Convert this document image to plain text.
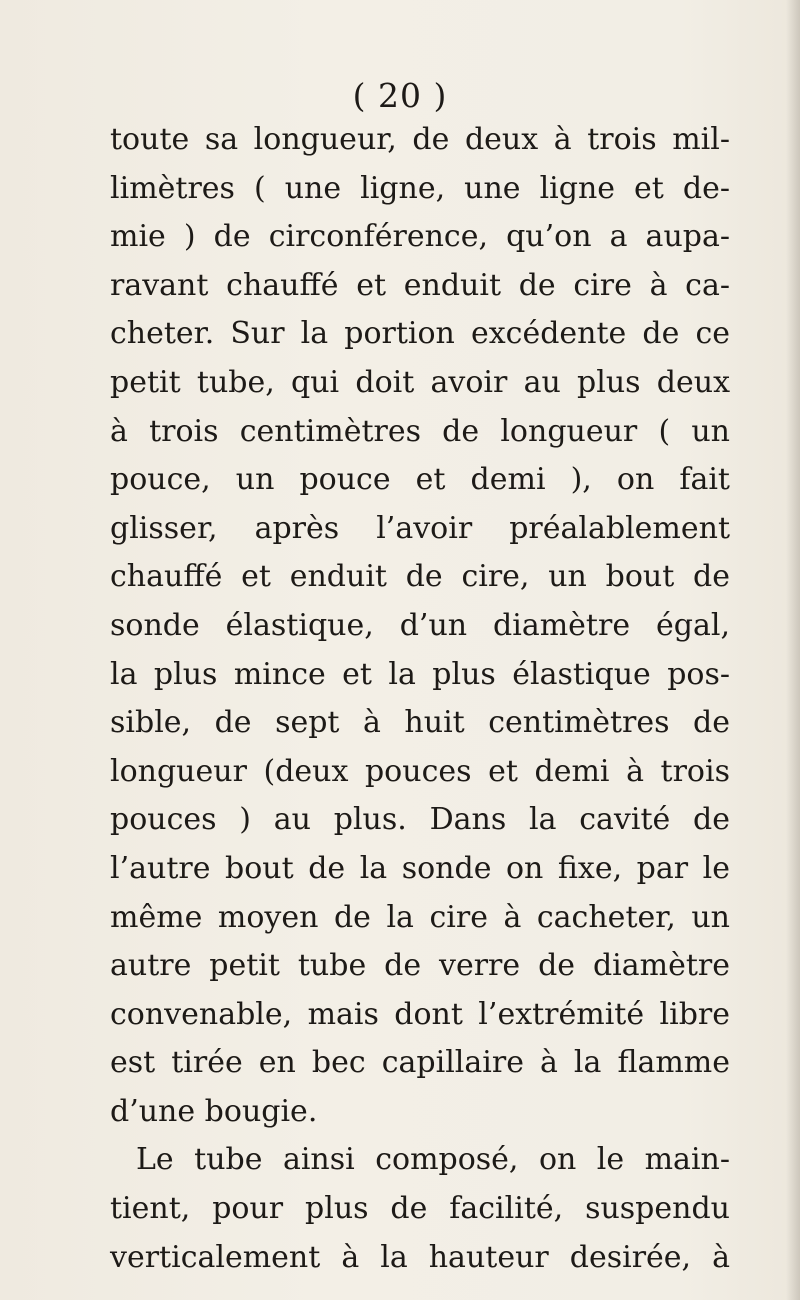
( 20 )
toute sa longueur, de deux à trois mil-
limètres ( une ligne, une ligne et de-
mie ) de circonférence, qu’on a aupa-
ravant chauffé et enduit de cire à ca-
cheter. Sur la portion excédente de ce
petit tube, qui doit avoir au plus deux
à trois centimètres de longueur ( un
pouce, un pouce et demi ), on fait
glisser, après l’avoir préalablement
chauffé et enduit de cire, un bout de
sonde élastique, d’un diamètre égal,
la plus mince et la plus élastique pos-
sible, de sept à huit centimètres de
longueur (deux pouces et demi à trois
pouces ) au plus. Dans la cavité de
l’autre bout de la sonde on fixe, par le
même moyen de la cire à cacheter, un
autre petit tube de verre de diamètre
convenable, mais dont l’extrémité libre
est tirée en bec capillaire à la flamme
d’une bougie.
Le tube ainsi composé, on le main-
tient, pour plus de facilité, suspendu
verticalement à la hauteur desirée, à
